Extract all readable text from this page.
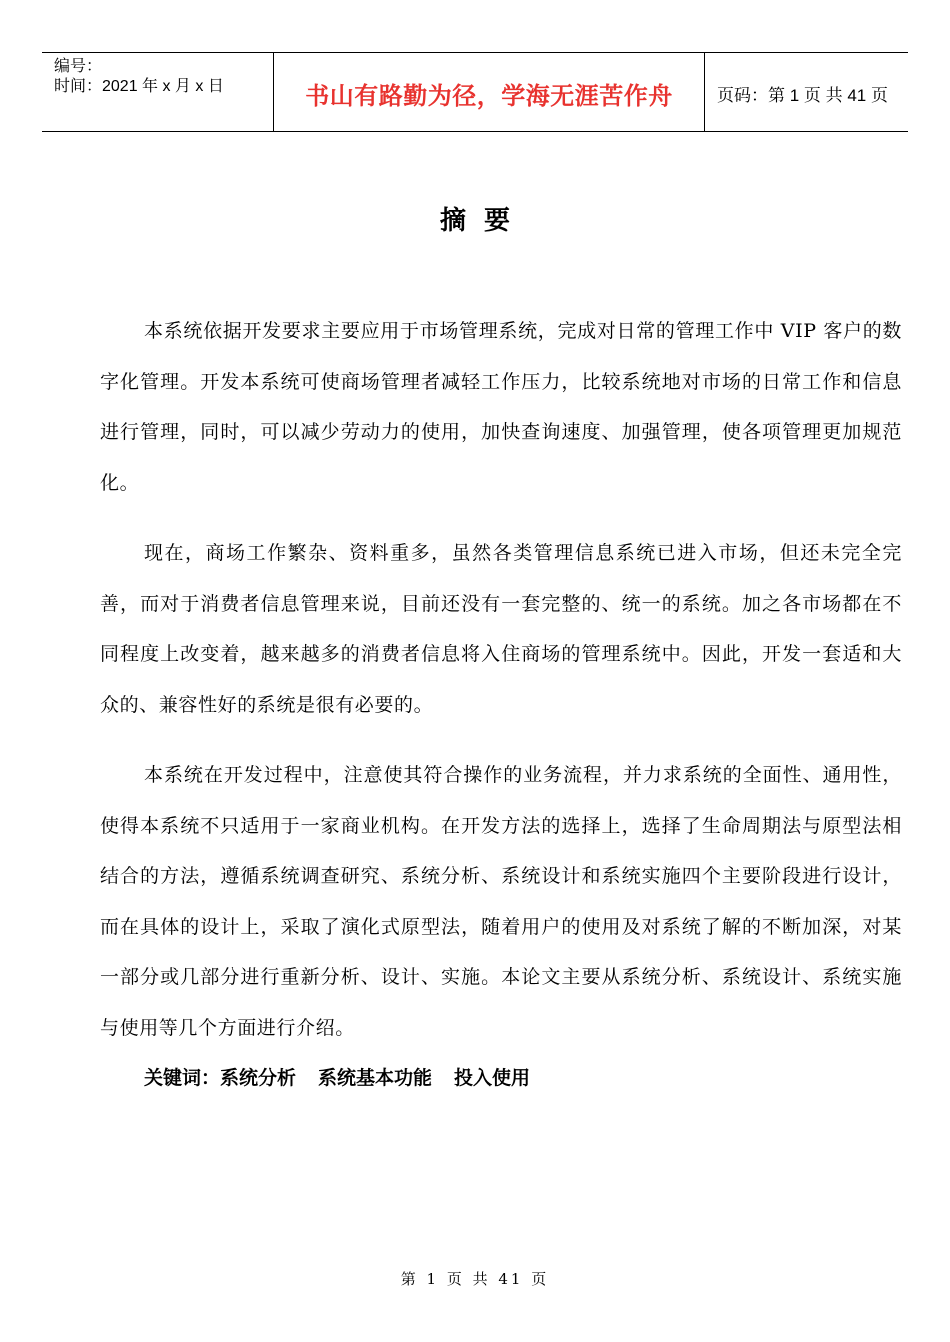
编号：
时间：2021 年 x 月 x 日	书山有路勤为径，学海无涯苦作舟	页码：第 1 页 共 41 页
摘要

本系统依据开发要求主要应用于市场管理系统，完成对日常的管理工作中 VIP 客户的数字化管理。开发本系统可使商场管理者减轻工作压力，比较系统地对市场的日常工作和信息进行管理，同时，可以减少劳动力的使用，加快查询速度、加强管理，使各项管理更加规范化。

现在，商场工作繁杂、资料重多，虽然各类管理信息系统已进入市场，但还未完全完善，而对于消费者信息管理来说，目前还没有一套完整的、统一的系统。加之各市场都在不同程度上改变着，越来越多的消费者信息将入住商场的管理系统中。因此，开发一套适和大众的、兼容性好的系统是很有必要的。

本系统在开发过程中，注意使其符合操作的业务流程，并力求系统的全面性、通用性，使得本系统不只适用于一家商业机构。在开发方法的选择上，选择了生命周期法与原型法相结合的方法，遵循系统调查研究、系统分析、系统设计和系统实施四个主要阶段进行设计，而在具体的设计上，采取了演化式原型法，随着用户的使用及对系统了解的不断加深，对某一部分或几部分进行重新分析、设计、实施。本论文主要从系统分析、系统设计、系统实施与使用等几个方面进行介绍。

关键词：系统分析 系统基本功能 投入使用
第 1 页 共 41 页
